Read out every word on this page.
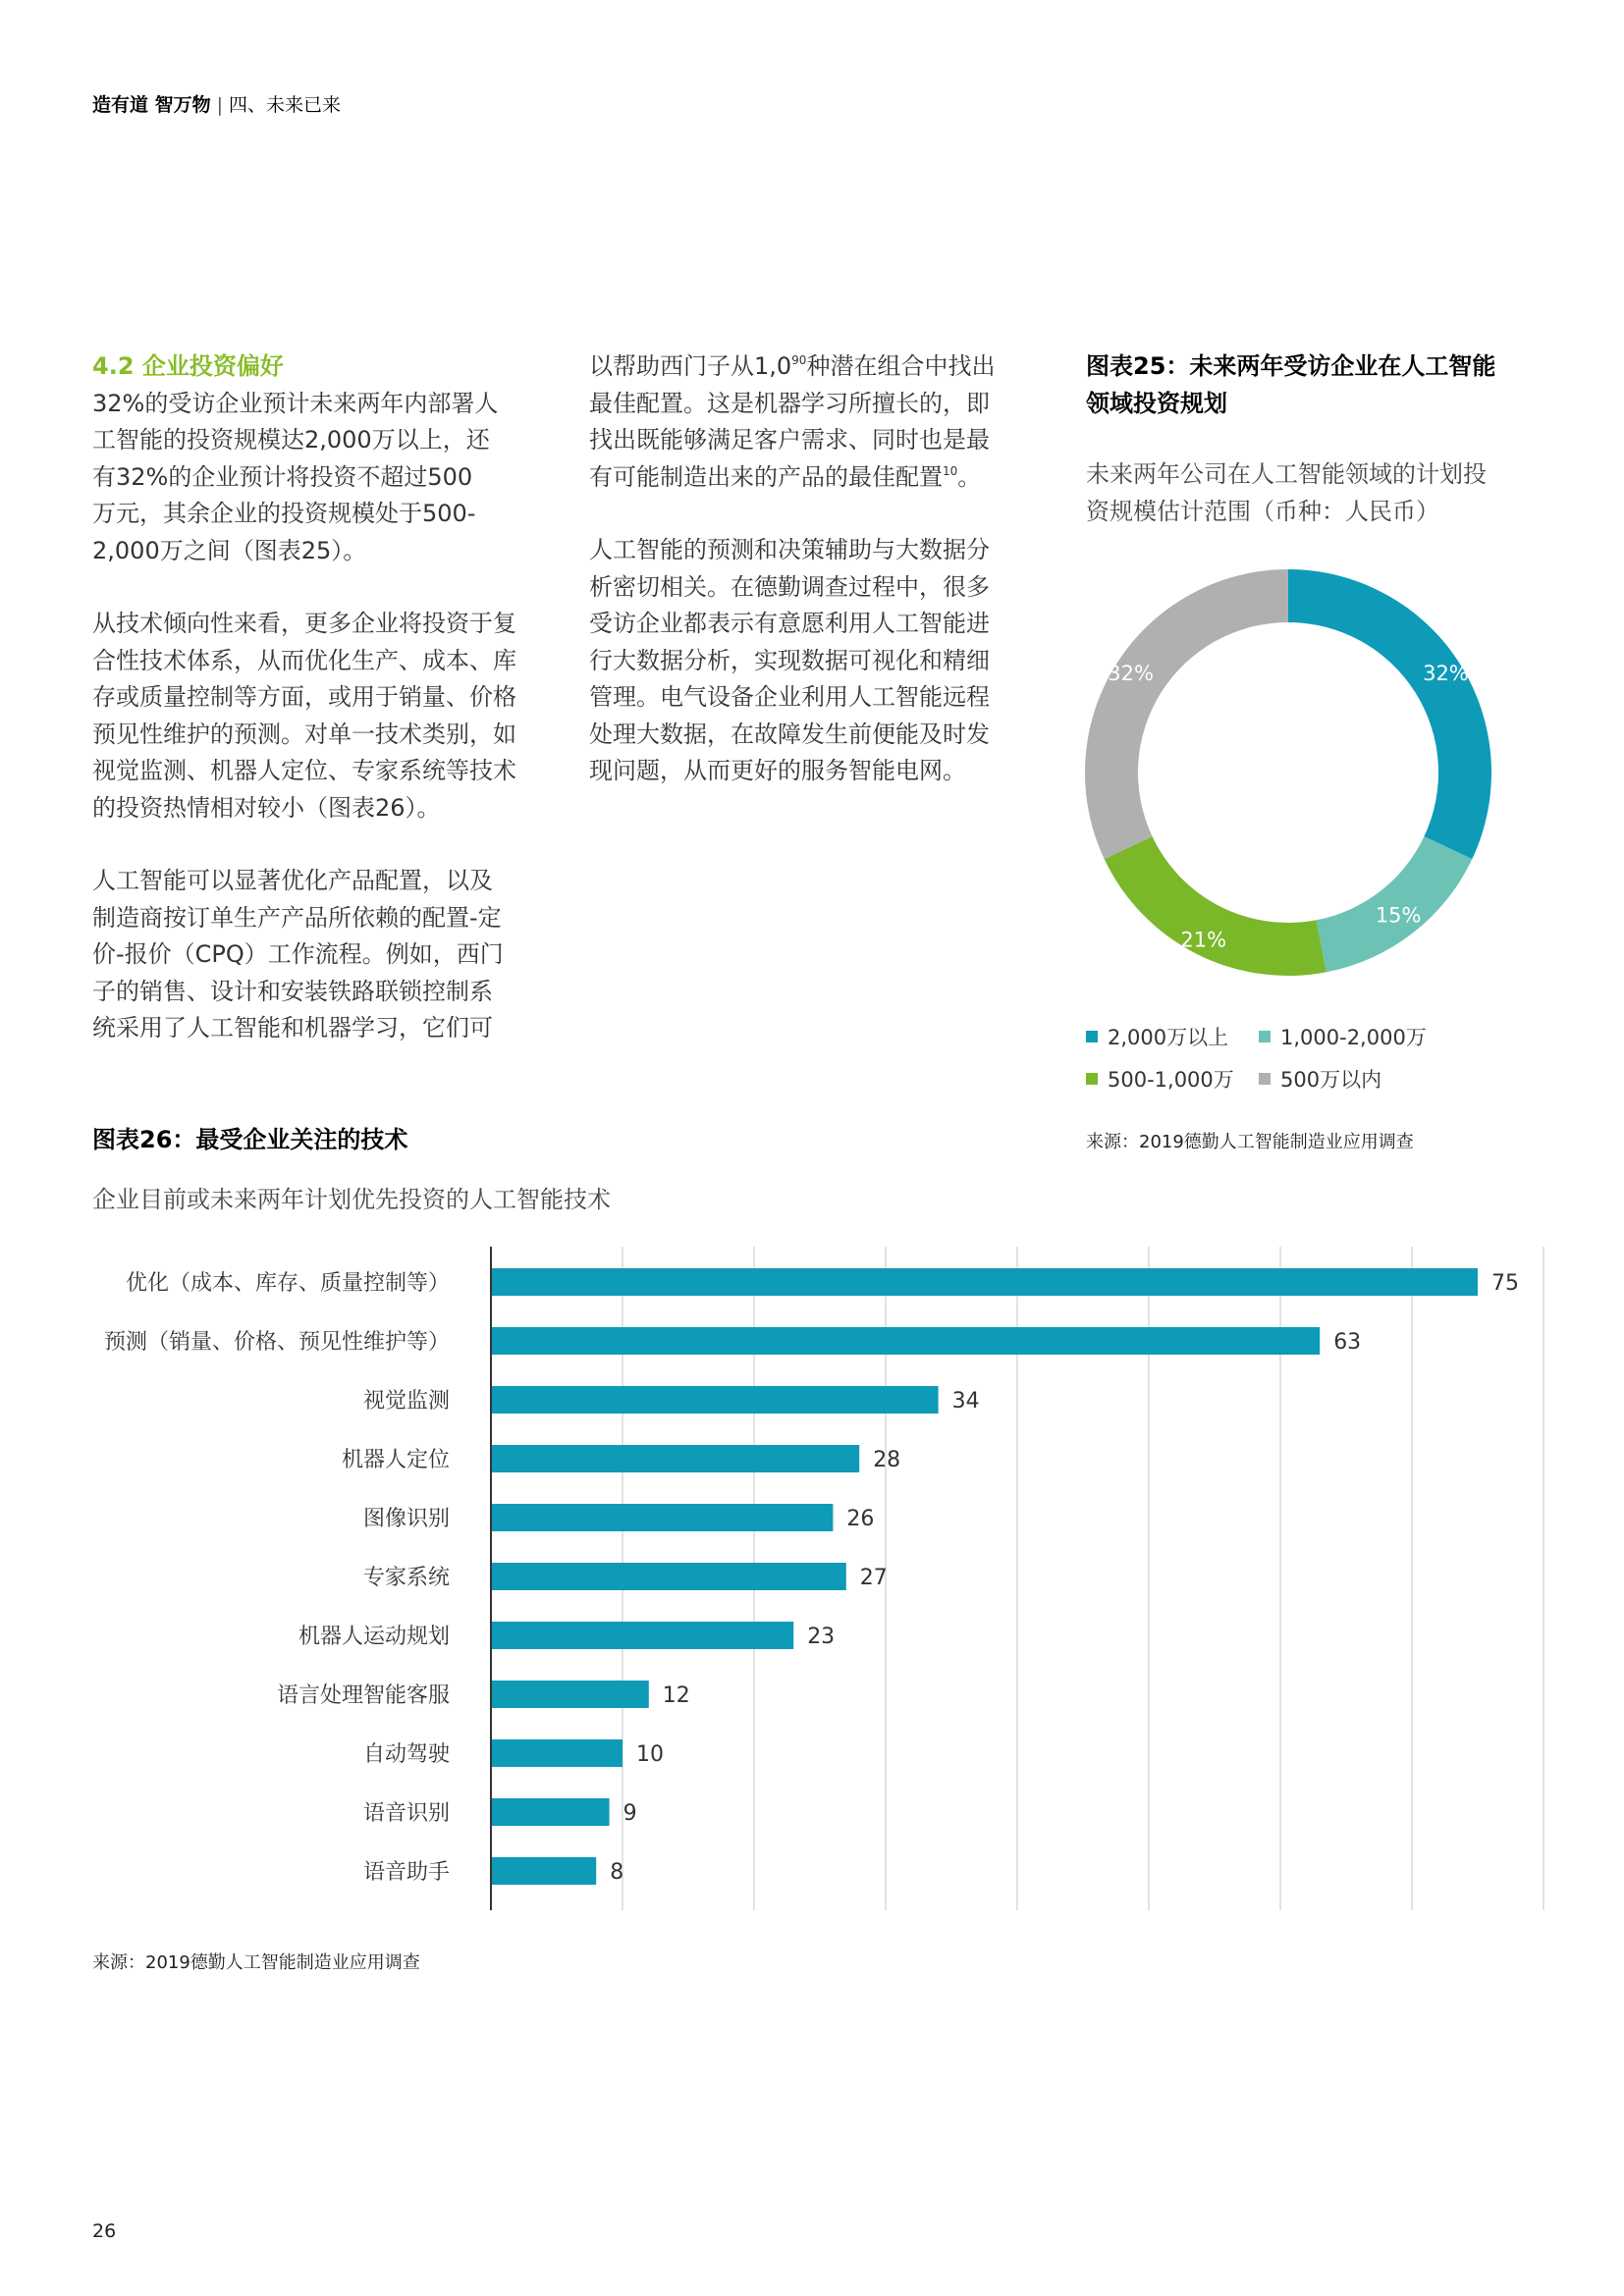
造有道 智万物 | 四、未来已来
4.2 企业投资偏好

32%的受访企业预计未来两年内部署人
工智能的投资规模达2,000万以上，还
有32%的企业预计将投资不超过500
万元，其余企业的投资规模处于500-
2,000万之间（图表25）。

从技术倾向性来看，更多企业将投资于复
合性技术体系，从而优化生产、成本、库
存或质量控制等方面，或用于销量、价格
预见性维护的预测。对单一技术类别，如
视觉监测、机器人定位、专家系统等技术
的投资热情相对较小（图表26）。

人工智能可以显著优化产品配置，以及
制造商按订单生产产品所依赖的配置-定
价-报价（CPQ）工作流程。例如，西门
子的销售、设计和安装铁路联锁控制系
统采用了人工智能和机器学习，它们可

以帮助西门子从$1,0^{90}$种潜在组合中找出
最佳配置。这是机器学习所擅长的，即
找出既能够满足客户需求、同时也是最
有可能制造出来的产品的最佳配置$^{10}$。

人工智能的预测和决策辅助与大数据分
析密切相关。在德勤调查过程中，很多
受访企业都表示有意愿利用人工智能进
行大数据分析，实现数据可视化和精细
管理。电气设备企业利用人工智能远程
处理大数据，在故障发生前便能及时发
现问题，从而更好的服务智能电网。

图表25：未来两年受访企业在人工智能
领域投资规划
未来两年公司在人工智能领域的计划投
资规模估计范围（币种：人民币）
32%
15%
21%
32%
2,000万以上	1,000-2,000万
500-1,000万	500万以内
来源：2019德勤人工智能制造业应用调查
图表26：最受企业关注的技术
企业目前或未来两年计划优先投资的人工智能技术
优化（成本、库存、质量控制等）	75
预测（销量、价格、预见性维护等）	63
视觉监测	34
机器人定位	28
图像识别	26
专家系统	27
机器人运动规划	23
语言处理智能客服	12
自动驾驶	10
语音识别	9
语音助手	8
来源：2019德勤人工智能制造业应用调查
26
